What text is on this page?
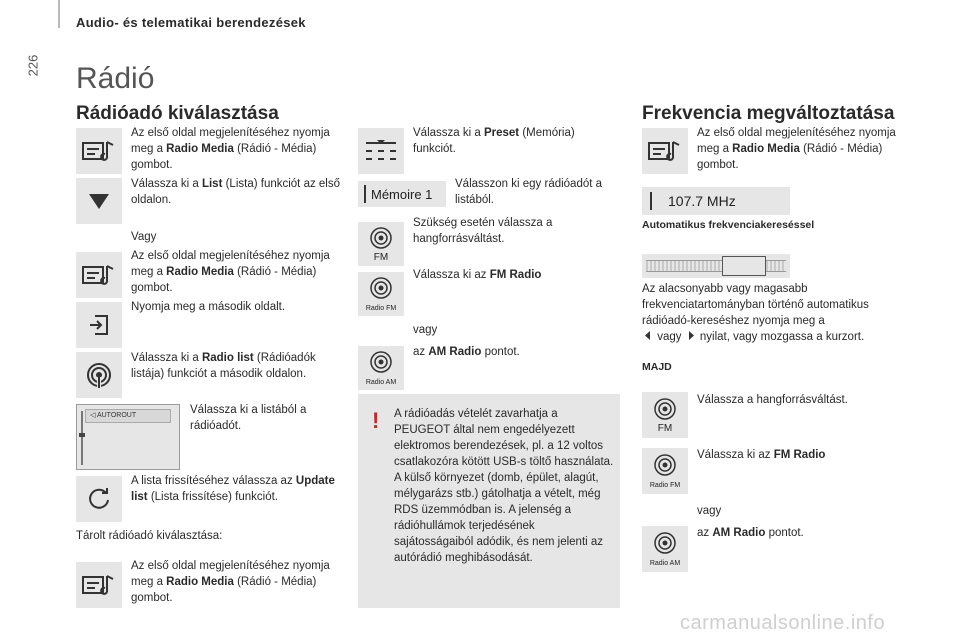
Audio- és telematikai berendezések
226 Rádió
Rádióadó kiválasztása
Az első oldal megjelenítéséhez nyomja meg a Radio Media (Rádió - Média) gombot.
Válassza ki a List (Lista) funkciót az első oldalon.
Vagy
Az első oldal megjelenítéséhez nyomja meg a Radio Media (Rádió - Média) gombot.
Nyomja meg a második oldalt.
Válassza ki a Radio list (Rádióadók listája) funkciót a második oldalon.
◁ AUTOROUT	Válassza ki a listából a rádióadót.
A lista frissítéséhez válassza az Update list (Lista frissítése) funkciót.
Tárolt rádióadó kiválasztása:
Az első oldal megjelenítéséhez nyomja meg a Radio Media (Rádió - Média) gombot.
Válassza ki a Preset (Memória) funkciót.
Mémoire 1
Válasszon ki egy rádióadót a listából.
FM
Szükség esetén válassza a hangforrásváltást.
Radio FM
Válassza ki az FM Radio
vagy
Radio AM
az AM Radio pontot.
! A rádióadás vételét zavarhatja a PEUGEOT által nem engedélyezett elektromos berendezések, pl. a 12 voltos csatlakozóra kötött USB-s töltő használata. A külső környezet (domb, épület, alagút, mélygarázs stb.) gátolhatja a vételt, még RDS üzemmódban is. A jelenség a rádióhullámok terjedésének sajátosságaiból adódik, és nem jelenti az autórádió meghibásodását.
Frekvencia megváltoztatása
Az első oldal megjelenítéséhez nyomja meg a Radio Media (Rádió - Média) gombot.
107.7 MHz
Automatikus frekvenciakereséssel
Az alacsonyabb vagy magasabb frekvenciatartományban történő automatikus rádióadó-kereséshez nyomja meg a
vagy nyilat, vagy mozgassa a kurzort.
MAJD
FM
Válassza a hangforrásváltást.
Radio FM
Válassza ki az FM Radio
vagy
Radio AM
az AM Radio pontot.
carmanualsonline.info
